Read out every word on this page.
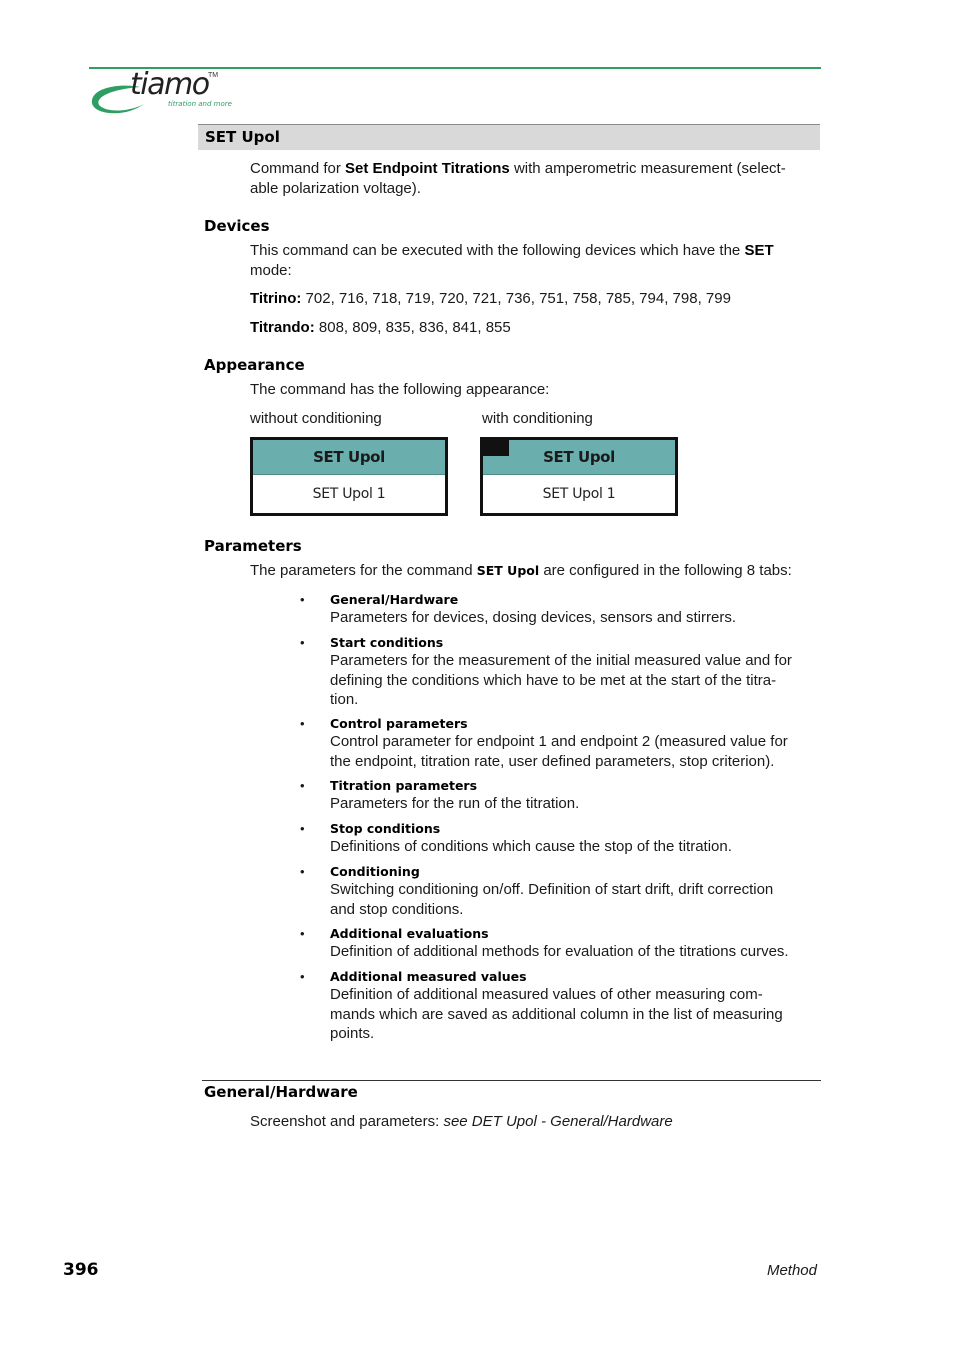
tiamo TM
titration and more
SET Upol
Command for Set Endpoint Titrations with amperometric measurement (select-
able polarization voltage).
Devices
This command can be executed with the following devices which have the SET
mode:
Titrino: 702, 716, 718, 719, 720, 721, 736, 751, 758, 785, 794, 798, 799
Titrando: 808, 809, 835, 836, 841, 855
Appearance
The command has the following appearance:
without conditioning	with conditioning
SET Upol
SET Upol 1
SET Upol
SET Upol 1
Parameters
The parameters for the command SET Upol are configured in the following 8 tabs:
• General/Hardware
Parameters for devices, dosing devices, sensors and stirrers.
• Start conditions
Parameters for the measurement of the initial measured value and for
defining the conditions which have to be met at the start of the titra-
tion.
• Control parameters
Control parameter for endpoint 1 and endpoint 2 (measured value for
the endpoint, titration rate, user defined parameters, stop criterion).
• Titration parameters
Parameters for the run of the titration.
• Stop conditions
Definitions of conditions which cause the stop of the titration.
• Conditioning
Switching conditioning on/off. Definition of start drift, drift correction
and stop conditions.
• Additional evaluations
Definition of additional methods for evaluation of the titrations curves.
• Additional measured values
Definition of additional measured values of other measuring com-
mands which are saved as additional column in the list of measuring
points.
General/Hardware
Screenshot and parameters: see DET Upol - General/Hardware
396	Method
